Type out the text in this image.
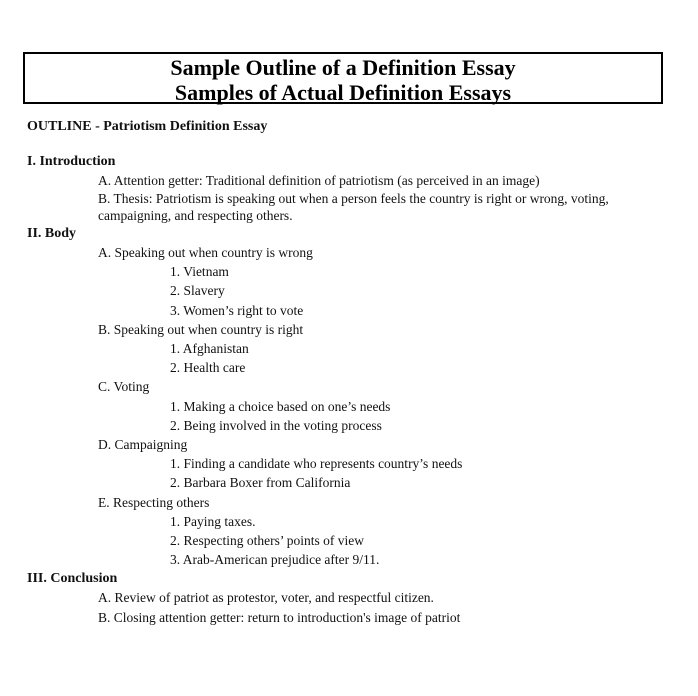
Sample Outline of a Definition Essay
Samples of Actual Definition Essays
OUTLINE - Patriotism Definition Essay
I. Introduction
A. Attention getter: Traditional definition of patriotism (as perceived in an image)
B. Thesis: Patriotism is speaking out when a person feels the country is right or wrong, voting, campaigning, and respecting others.
II. Body
A. Speaking out when country is wrong
1. Vietnam
2. Slavery
3. Women’s right to vote
B. Speaking out when country is right
1. Afghanistan
2. Health care
C. Voting
1. Making a choice based on one’s needs
2. Being involved in the voting process
D. Campaigning
1. Finding a candidate who represents country’s needs
2. Barbara Boxer from California
E. Respecting others
1. Paying taxes.
2. Respecting others’ points of view
3. Arab-American prejudice after 9/11.
III. Conclusion
A. Review of patriot as protestor, voter, and respectful citizen.
B. Closing attention getter: return to introduction's image of patriot
